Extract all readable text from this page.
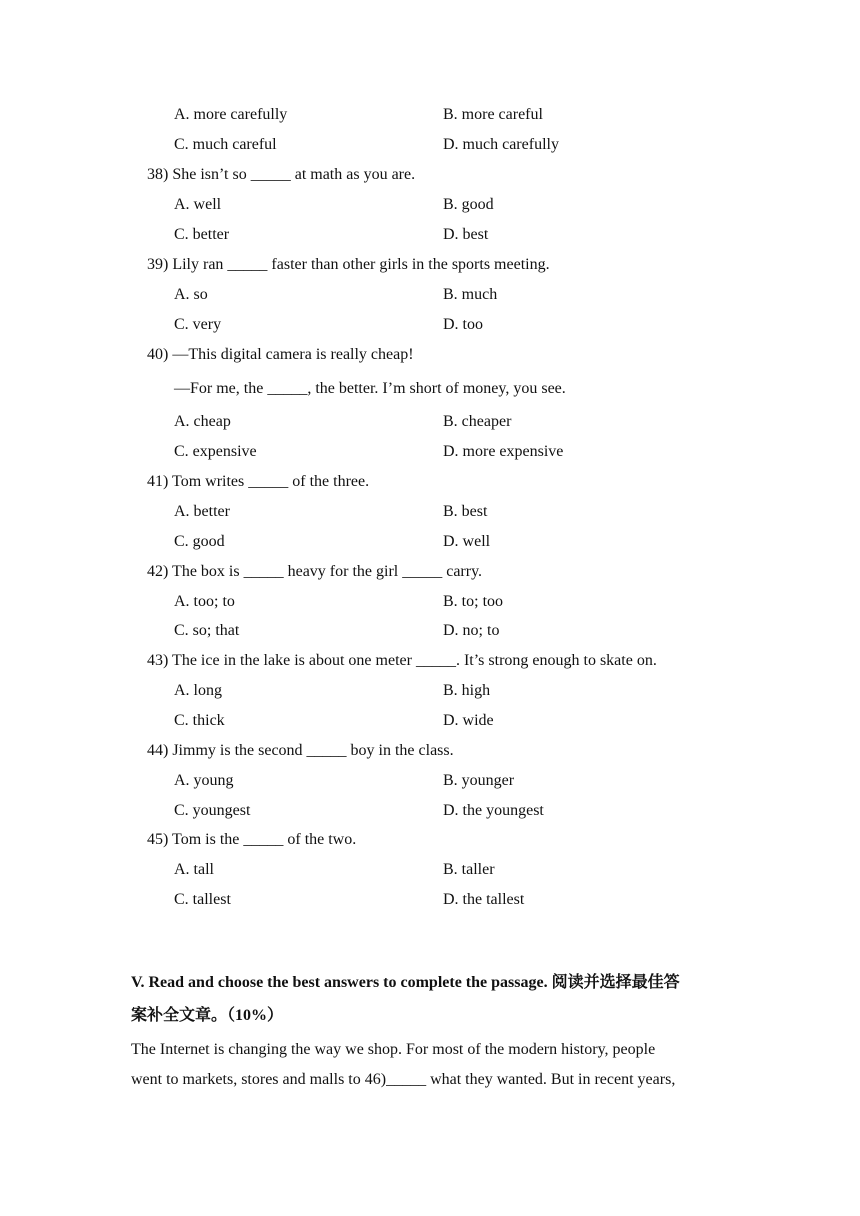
A. more carefully	B. more careful
C. much careful	D. much carefully
38) She isn’t so _____ at math as you are.
A. well	B. good
C. better	D. best
39) Lily ran _____ faster than other girls in the sports meeting.
A. so	B. much
C. very	D. too
40) —This digital camera is really cheap!
—For me, the _____, the better. I’m short of money, you see.
A. cheap	B. cheaper
C. expensive	D. more expensive
41) Tom writes _____ of the three.
A. better	B. best
C. good	D. well
42) The box is _____ heavy for the girl _____ carry.
A. too; to	B. to; too
C. so; that	D. no; to
43) The ice in the lake is about one meter _____. It’s strong enough to skate on.
A. long	B. high
C. thick	D. wide
44) Jimmy is the second _____ boy in the class.
A. young	B. younger
C. youngest	D. the youngest
45) Tom is the _____ of the two.
A. tall	B. taller
C. tallest	D. the tallest
V. Read and choose the best answers to complete the passage. 阅读并选择最佳答
案补全文章。（10%）
The Internet is changing the way we shop. For most of the modern history, people
went to markets, stores and malls to 46)_____ what they wanted. But in recent years,
